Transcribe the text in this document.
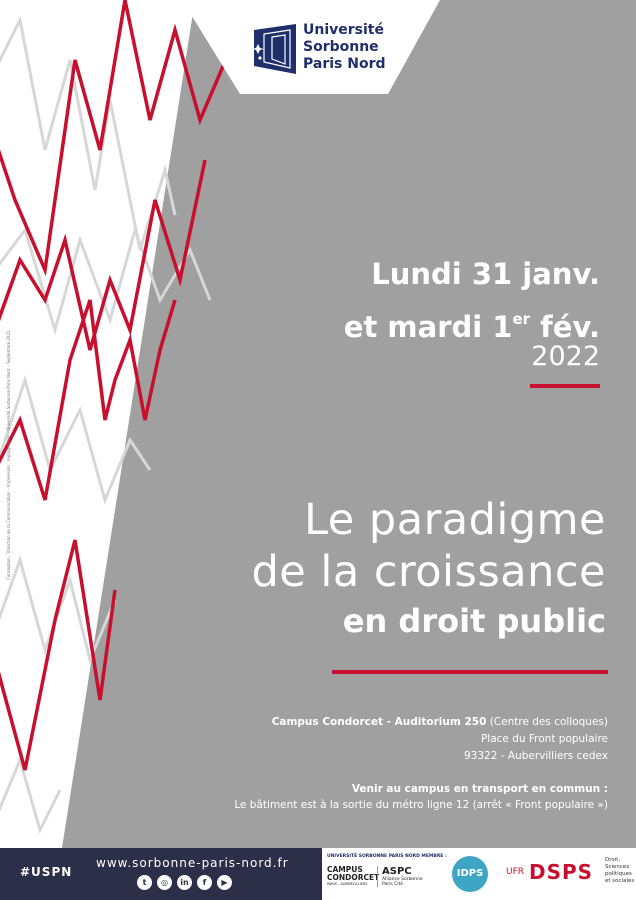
Université
Sorbonne
Paris Nord
Lundi 31 janv.
et mardi 1er fév.
2022
Le paradigme
de la croissance
en droit public
Campus Condorcet - Auditorium 250 (Centre des colloques)
Place du Front populaire
93322 - Aubervilliers cedex
Venir au campus en transport en commun :
Le bâtiment est à la sortie du métro ligne 12 (arrêt « Front populaire »)
Conception : Direction de la Communication – Impression : reprographie – Université Sorbonne Paris Nord – Septembre 2021
#USPN
www.sorbonne-paris-nord.fr
t	◎	in	f	▶
UNIVERSITÉ SORBONNE PARIS NORD MEMBRE :
CAMPUS
CONDORCET
PARIS - AUBERVILLIERS
ASPC
Alliance Sorbonne
Paris Cité
IDPS	UFR DSPS Droit,
Sciences
politiques
et sociales
